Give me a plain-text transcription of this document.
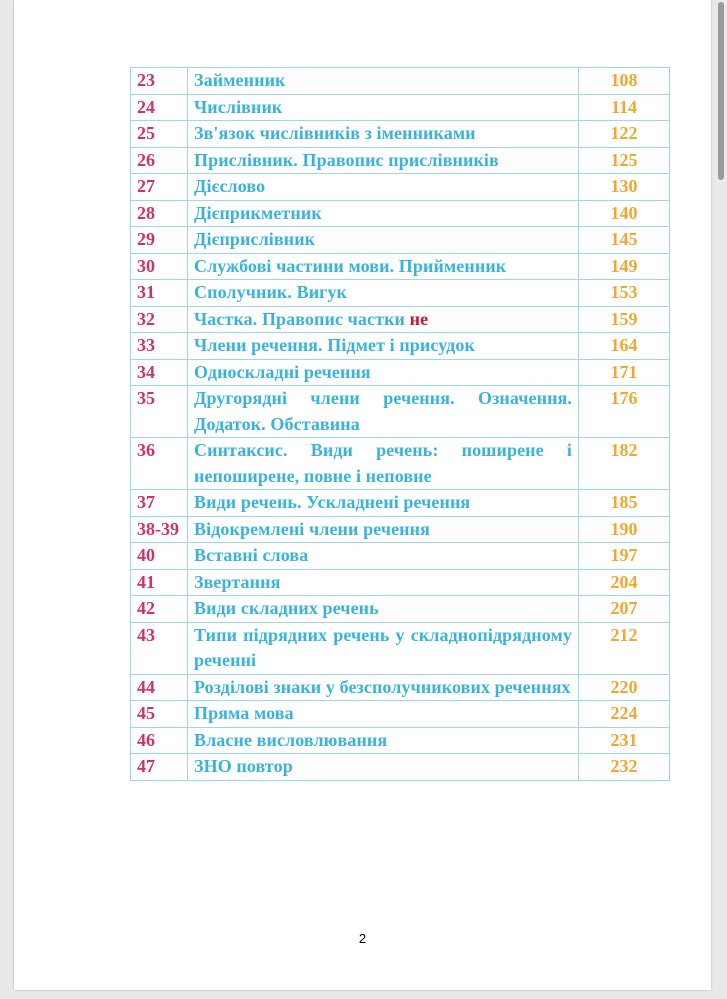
23	Займенник	108
24	Числівник	114
25	Зв'язок числівників з іменниками	122
26	Прислівник. Правопис прислівників	125
27	Дієслово	130
28	Дієприкметник	140
29	Дієприслівник	145
30	Службові частини мови. Прийменник	149
31	Сполучник. Вигук	153
32	Частка. Правопис частки не	159
33	Члени речення. Підмет і присудок	164
34	Односкладні речення	171
35	Другорядні члени речення. Означення. Додаток. Обставина	176
36	Синтаксис. Види речень: поширене і непоширене, повне і неповне	182
37	Види речень. Ускладнені речення	185
38-39	Відокремлені члени речення	190
40	Вставні слова	197
41	Звертання	204
42	Види складних речень	207
43	Типи підрядних речень у складнопідрядному реченні	212
44	Розділові знаки у безсполучникових реченнях	220
45	Пряма мова	224
46	Власне висловлювання	231
47	ЗНО повтор	232
2
